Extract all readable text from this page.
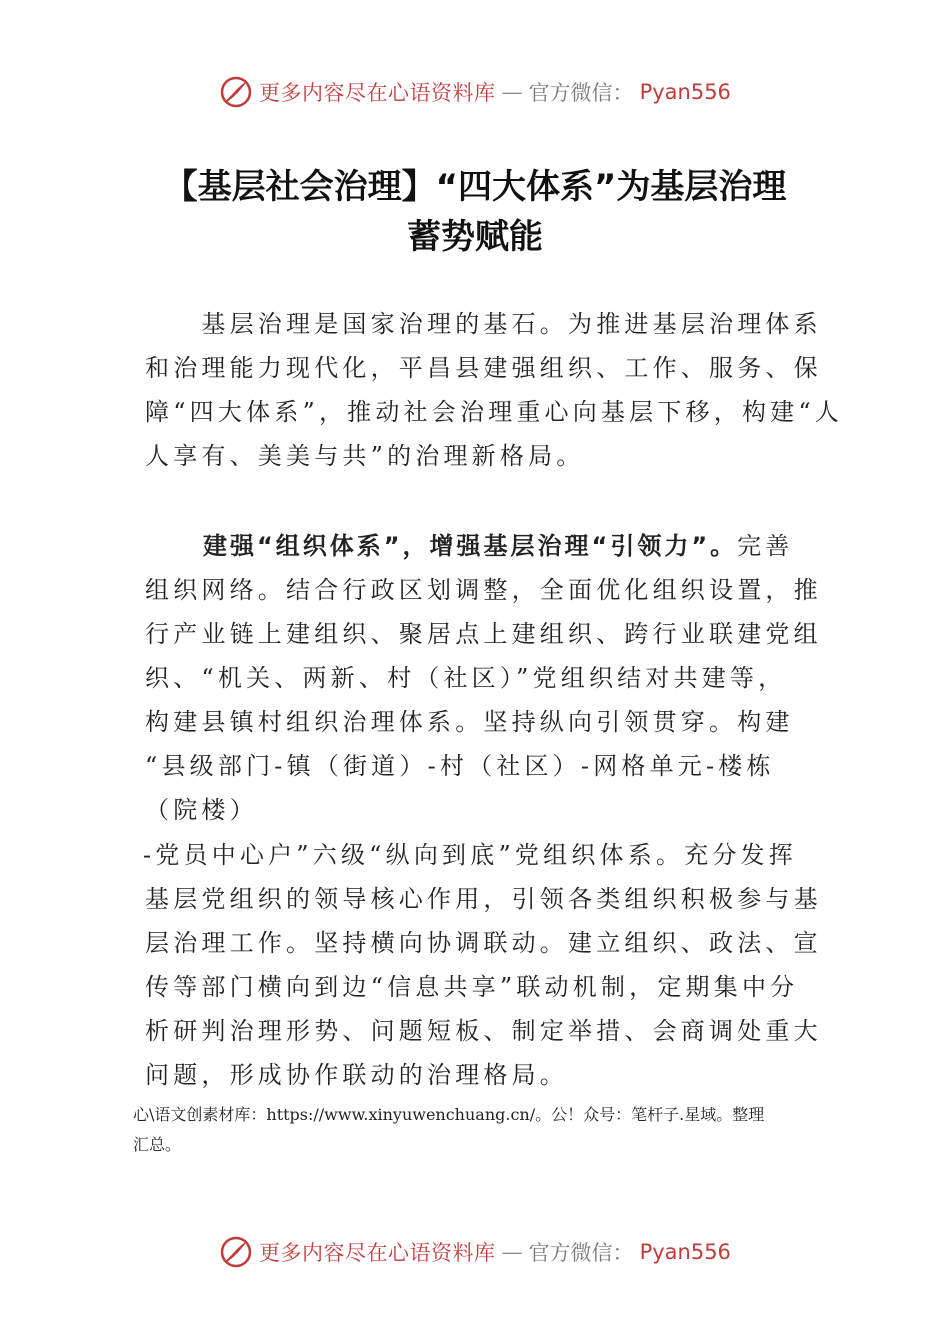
更多内容尽在心语资料库 — 官方微信： Pyan556
【基层社会治理】“四大体系”为基层治理
蓄势赋能

　　基层治理是国家治理的基石。为推进基层治理体系

和治理能力现代化，平昌县建强组织、工作、服务、保

障“四大体系”，推动社会治理重心向基层下移，构建“人

人享有、美美与共”的治理新格局。

建强“组织体系”，增强基层治理“引领力”。完善

组织网络。结合行政区划调整，全面优化组织设置，推

行产业链上建组织、聚居点上建组织、跨行业联建党组

织、“机关、两新、村（社区）”党组织结对共建等，

构建县镇村组织治理体系。坚持纵向引领贯穿。构建

“县级部门-镇（街道）-村（社区）-网格单元-楼栋

（院楼）

-党员中心户”六级“纵向到底”党组织体系。充分发挥

基层党组织的领导核心作用，引领各类组织积极参与基

层治理工作。坚持横向协调联动。建立组织、政法、宣

传等部门横向到边“信息共享”联动机制，定期集中分

析研判治理形势、问题短板、制定举措、会商调处重大

问题，形成协作联动的治理格局。

心\语文创素材库：https://www.xinyuwenchuang.cn/。公！众号：笔杆子.星域。整理

汇总。

更多内容尽在心语资料库 — 官方微信： Pyan556
